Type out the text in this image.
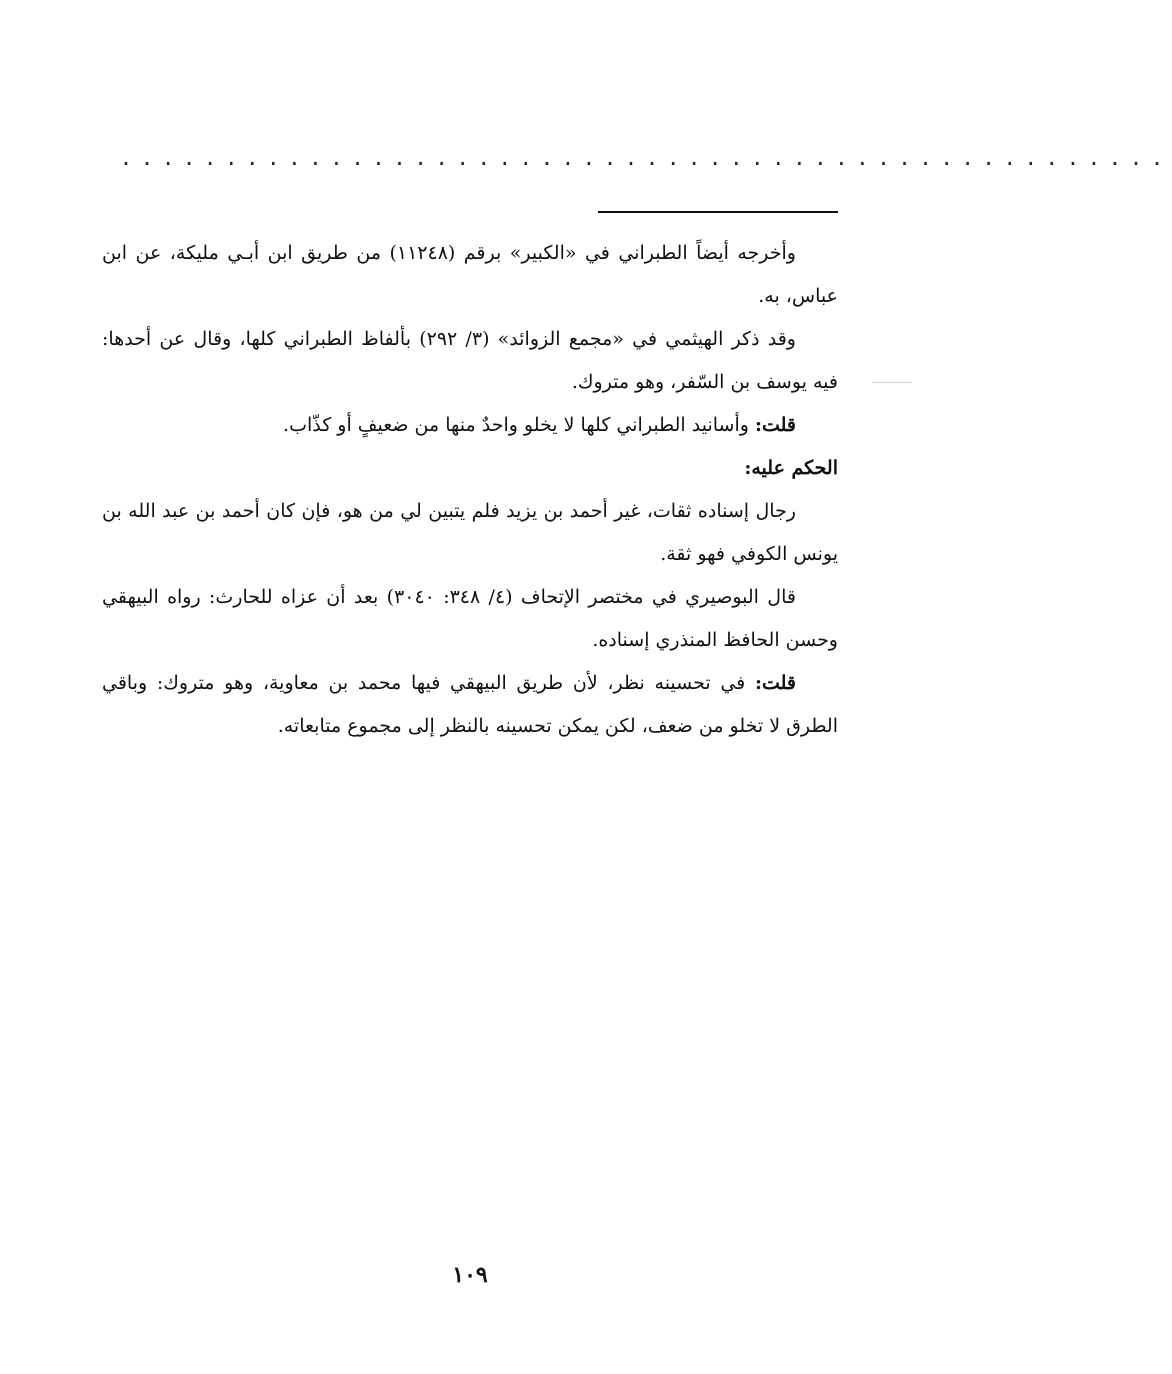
..................................................

وأخرجه أيضاً الطبراني في «الكبير» برقم (١١٢٤٨) من طريق ابن أبـي مليكة، عن ابن عباس، به.

وقد ذكر الهيثمي في «مجمع الزوائد» (٣/ ٢٩٢) بألفاظ الطبراني كلها، وقال عن أحدها: فيه يوسف بن السّفر، وهو متروك.

قلت: وأسانيد الطبراني كلها لا يخلو واحدٌ منها من ضعيفٍ أو كذّاب.

الحكم عليه:

رجال إسناده ثقات، غير أحمد بن يزيد فلم يتبين لي من هو، فإن كان أحمد بن عبد الله بن يونس الكوفي فهو ثقة.

قال البوصيري في مختصر الإتحاف (٤/ ٣٤٨: ٣٠٤٠) بعد أن عزاه للحارث: رواه البيهقي وحسن الحافظ المنذري إسناده.

قلت: في تحسينه نظر، لأن طريق البيهقي فيها محمد بن معاوية، وهو متروك: وباقي الطرق لا تخلو من ضعف، لكن يمكن تحسينه بالنظر إلى مجموع متابعاته.

١٠٩
